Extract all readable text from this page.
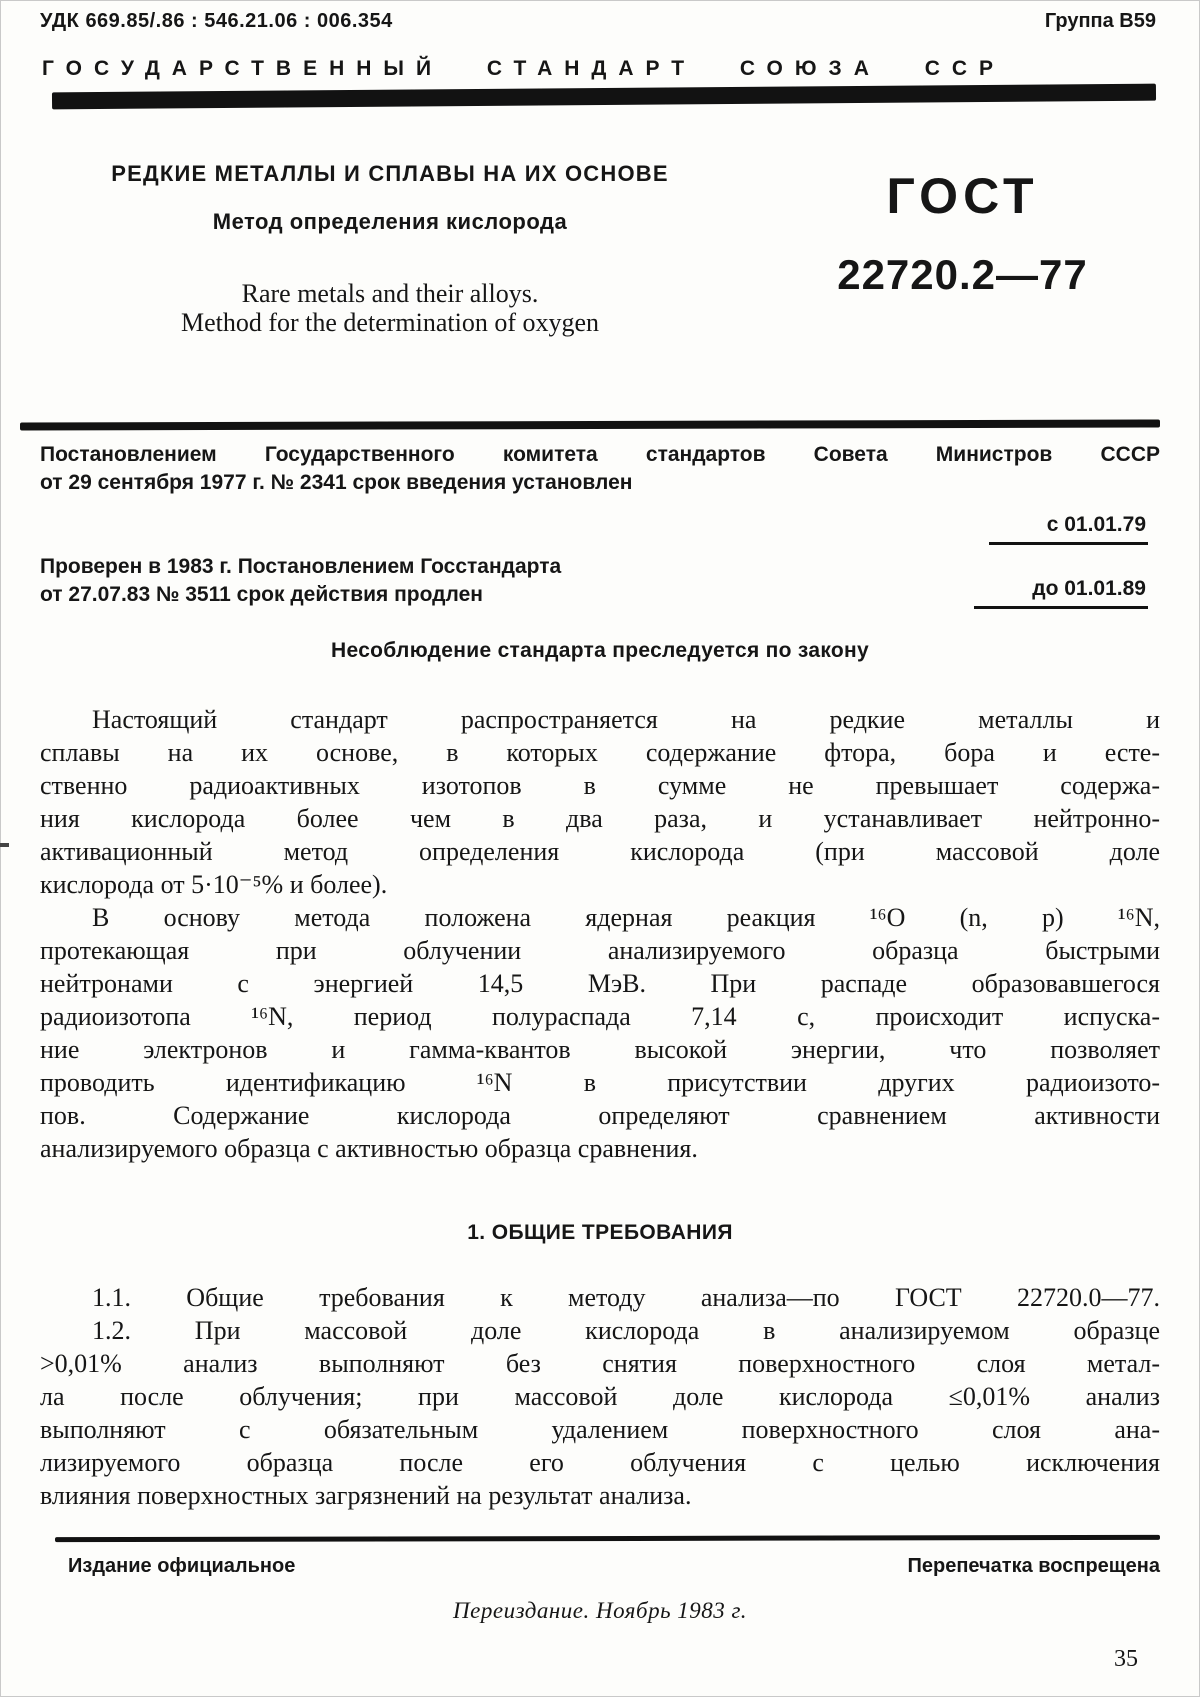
УДК 669.85/.86 : 546.21.06 : 006.354	Группа В59
ГОСУДАРСТВЕННЫЙ СТАНДАРТ СОЮЗА ССР
РЕДКИЕ МЕТАЛЛЫ И СПЛАВЫ НА ИХ ОСНОВЕ
Метод определения кислорода
Rare metals and their alloys.
Method for the determination of oxygen
ГОСТ
22720.2—77
Постановлением Государственного комитета стандартов Совета Министров СССР
от 29 сентября 1977 г. № 2341 срок введения установлен
с 01.01.79
Проверен в 1983 г. Постановлением Госстандарта
от 27.07.83 № 3511 срок действия продлен	до 01.01.89
Несоблюдение стандарта преследуется по закону
Настоящий стандарт распространяется на редкие металлы и
сплавы на их основе, в которых содержание фтора, бора и есте-
ственно радиоактивных изотопов в сумме не превышает содержа-
ния кислорода более чем в два раза, и устанавливает нейтронно-
активационный метод определения кислорода (при массовой доле
кислорода от 5·10⁻⁵% и более).
В основу метода положена ядерная реакция ¹⁶O (n, p) ¹⁶N,
протекающая при облучении анализируемого образца быстрыми
нейтронами с энергией 14,5 МэВ. При распаде образовавшегося
радиоизотопа ¹⁶N, период полураспада 7,14 с, происходит испуска-
ние электронов и гамма-квантов высокой энергии, что позволяет
проводить идентификацию ¹⁶N в присутствии других радиоизото-
пов. Содержание кислорода определяют сравнением активности
анализируемого образца с активностью образца сравнения.
1. ОБЩИЕ ТРЕБОВАНИЯ
1.1. Общие требования к методу анализа—по ГОСТ 22720.0—77.
1.2. При массовой доле кислорода в анализируемом образце
>0,01% анализ выполняют без снятия поверхностного слоя метал-
ла после облучения; при массовой доле кислорода ≤0,01% анализ
выполняют с обязательным удалением поверхностного слоя ана-
лизируемого образца после его облучения с целью исключения
влияния поверхностных загрязнений на результат анализа.
Издание официальное	Перепечатка воспрещена
Переиздание. Ноябрь 1983 г.
35
